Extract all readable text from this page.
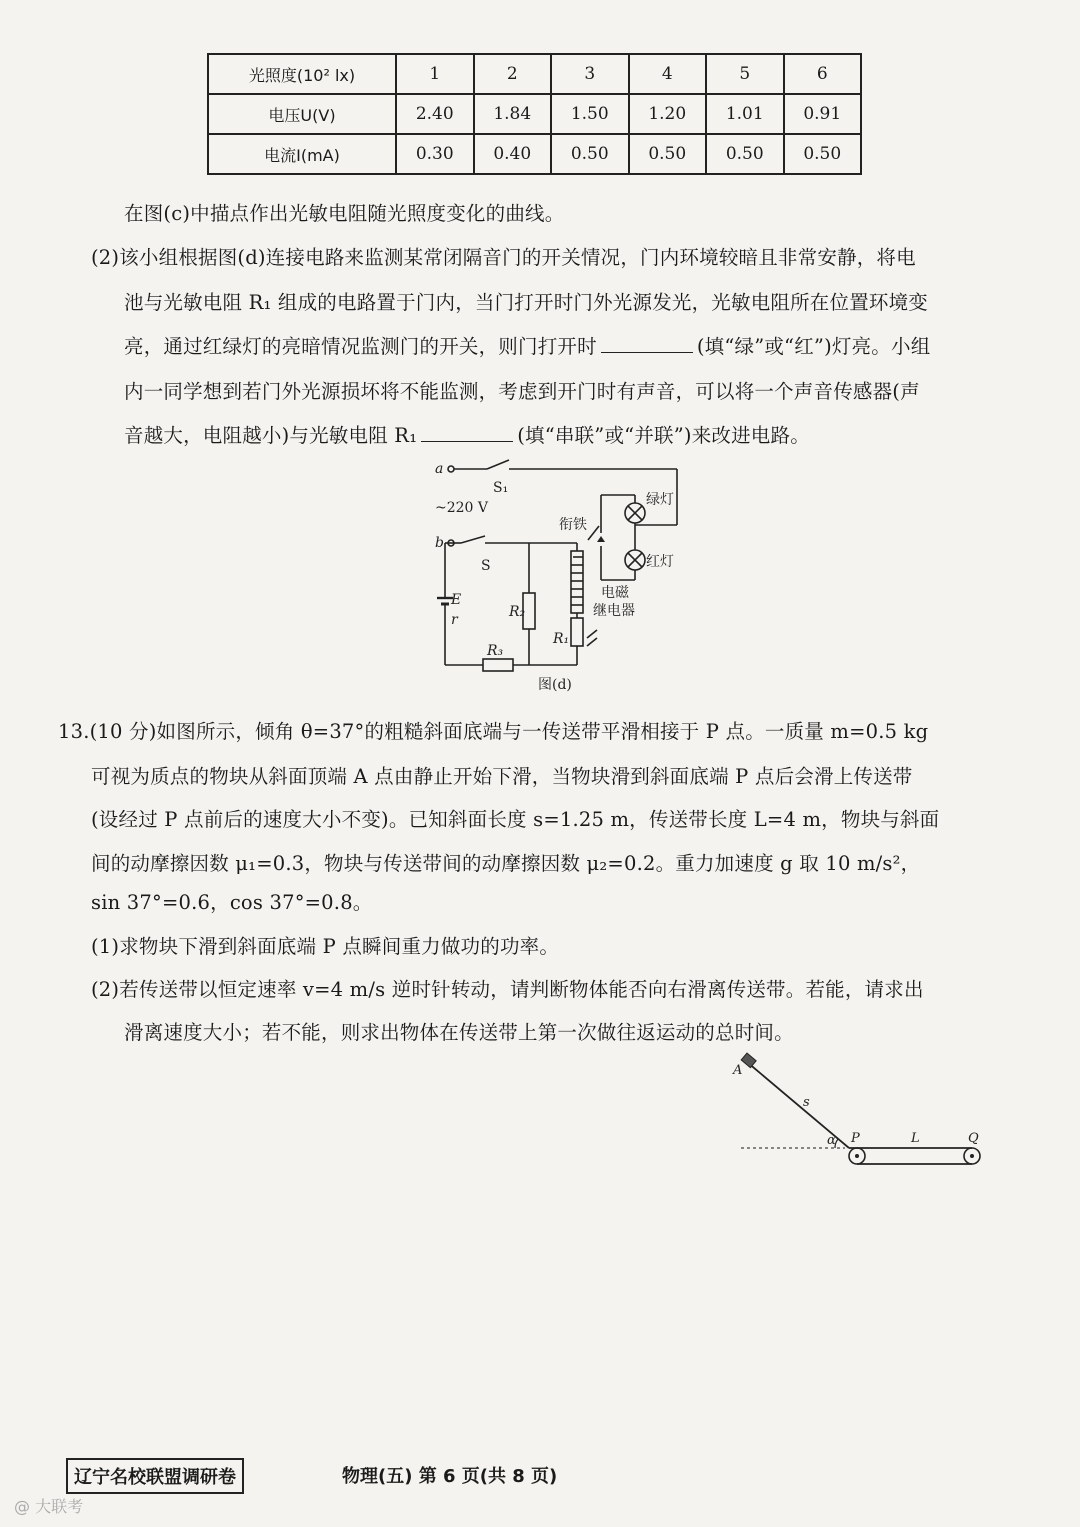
光照度(10² lx)	1	2	3	4	5	6
电压U(V)	2.40	1.84	1.50	1.20	1.01	0.91
电流I(mA)	0.30	0.40	0.50	0.50	0.50	0.50
在图(c)中描点作出光敏电阻随光照度变化的曲线。
(2)该小组根据图(d)连接电路来监测某常闭隔音门的开关情况，门内环境较暗且非常安静，将电
池与光敏电阻 R₁ 组成的电路置于门内，当门打开时门外光源发光，光敏电阻所在位置环境变
亮，通过红绿灯的亮暗情况监测门的开关，则门打开时	(填“绿”或“红”)灯亮。小组
内一同学想到若门外光源损坏将不能监测，考虑到开门时有声音，可以将一个声音传感器(声
音越大，电阻越小)与光敏电阻 R₁	(填“串联”或“并联”)来改进电路。
a
b
S₁
~220 V
衔铁
绿灯
红灯
S
电磁
继电器
E
r
R₁
R₂
R₃
图(d)
13.(10 分)如图所示，倾角 θ=37°的粗糙斜面底端与一传送带平滑相接于 P 点。一质量 m=0.5 kg
可视为质点的物块从斜面顶端 A 点由静止开始下滑，当物块滑到斜面底端 P 点后会滑上传送带
(设经过 P 点前后的速度大小不变)。已知斜面长度 s=1.25 m，传送带长度 L=4 m，物块与斜面
间的动摩擦因数 μ₁=0.3，物块与传送带间的动摩擦因数 μ₂=0.2。重力加速度 g 取 10 m/s²，
sin 37°=0.6，cos 37°=0.8。
(1)求物块下滑到斜面底端 P 点瞬间重力做功的功率。
(2)若传送带以恒定速率 v=4 m/s 逆时针转动，请判断物体能否向右滑离传送带。若能，请求出
滑离速度大小；若不能，则求出物体在传送带上第一次做往返运动的总时间。
A
s
α P	L	Q
辽宁名校联盟调研卷	物理(五) 第 6 页(共 8 页)
@ 大联考
